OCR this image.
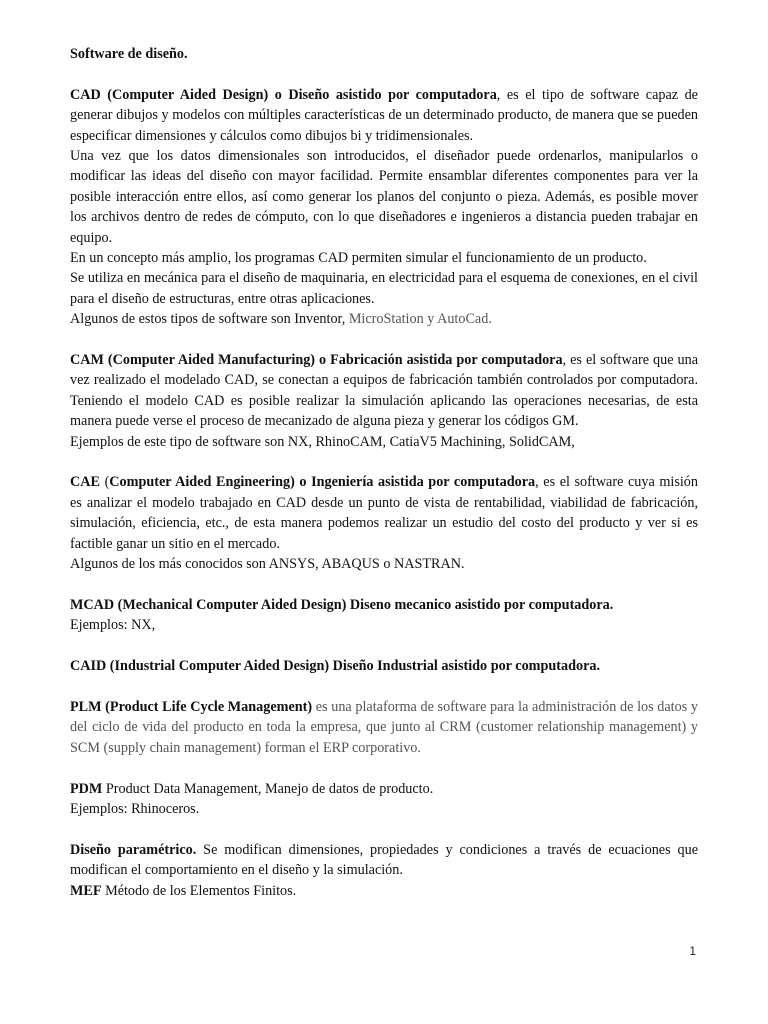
Software de diseño.

CAD (Computer Aided Design) o Diseño asistido por computadora, es el tipo de software capaz de generar dibujos y modelos con múltiples características de un determinado producto, de manera que se pueden especificar dimensiones y cálculos como dibujos bi y tridimensionales.

Una vez que los datos dimensionales son introducidos, el diseñador puede ordenarlos, manipularlos o modificar las ideas del diseño con mayor facilidad. Permite ensamblar diferentes componentes para ver la posible interacción entre ellos, así como generar los planos del conjunto o pieza. Además, es posible mover los archivos dentro de redes de cómputo, con lo que diseñadores e ingenieros a distancia pueden trabajar en equipo.

En un concepto más amplio, los programas CAD permiten simular el funcionamiento de un producto.

Se utiliza en mecánica para el diseño de maquinaria, en electricidad para el esquema de conexiones, en el civil para el diseño de estructuras, entre otras aplicaciones.

Algunos de estos tipos de software son Inventor, MicroStation y AutoCad.

CAM (Computer Aided Manufacturing) o Fabricación asistida por computadora, es el software que una vez realizado el modelado CAD, se conectan a equipos de fabricación también controlados por computadora. Teniendo el modelo CAD es posible realizar la simulación aplicando las operaciones necesarias, de esta manera puede verse el proceso de mecanizado de alguna pieza y generar los códigos GM.

Ejemplos de este tipo de software son NX, RhinoCAM, CatiaV5 Machining, SolidCAM,

CAE (Computer Aided Engineering) o Ingeniería asistida por computadora, es el software cuya misión es analizar el modelo trabajado en CAD desde un punto de vista de rentabilidad, viabilidad de fabricación, simulación, eficiencia, etc., de esta manera podemos realizar un estudio del costo del producto y ver si es factible ganar un sitio en el mercado.

Algunos de los más conocidos son ANSYS, ABAQUS o NASTRAN.

MCAD (Mechanical Computer Aided Design) Diseno mecanico asistido por computadora.

Ejemplos: NX,

CAID (Industrial Computer Aided Design) Diseño Industrial asistido por computadora.

PLM (Product Life Cycle Management) es una plataforma de software para la administración de los datos y del ciclo de vida del producto en toda la empresa, que junto al CRM (customer relationship management) y SCM (supply chain management) forman el ERP corporativo.

PDM Product Data Management, Manejo de datos de producto.

Ejemplos: Rhinoceros.

Diseño paramétrico. Se modifican dimensiones, propiedades y condiciones a través de ecuaciones que modifican el comportamiento en el diseño y la simulación.

MEF Método de los Elementos Finitos.

1
